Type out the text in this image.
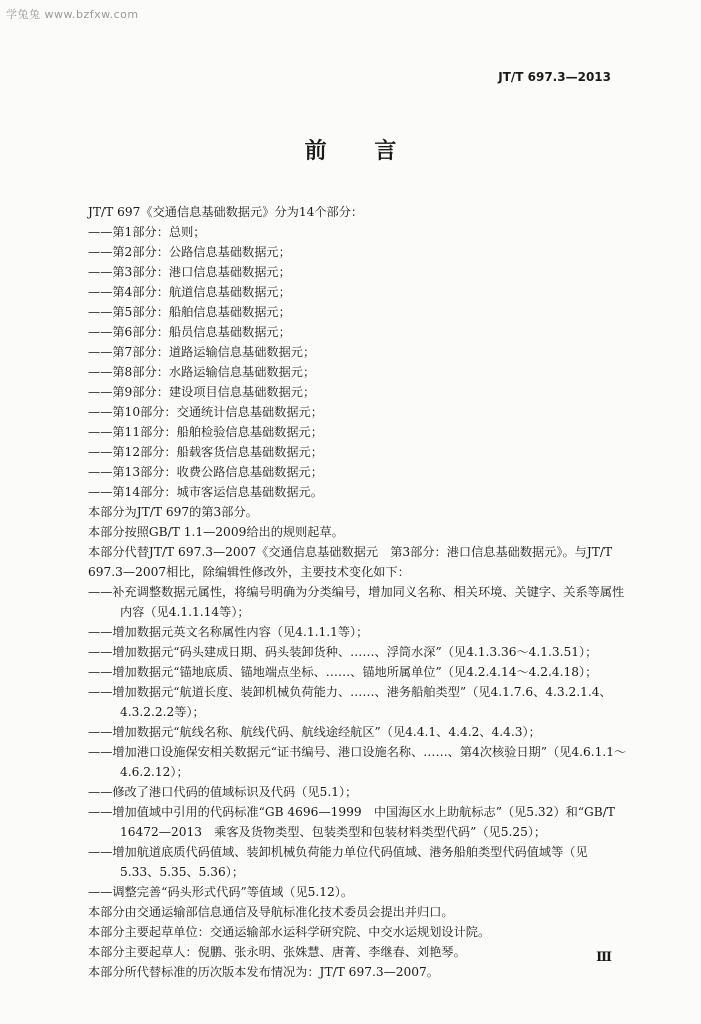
学兔兔 www.bzfxw.com
JT/T 697.3—2013
前 言
JT/T 697《交通信息基础数据元》分为14个部分：
——第1部分：总则；
——第2部分：公路信息基础数据元；
——第3部分：港口信息基础数据元；
——第4部分：航道信息基础数据元；
——第5部分：船舶信息基础数据元；
——第6部分：船员信息基础数据元；
——第7部分：道路运输信息基础数据元；
——第8部分：水路运输信息基础数据元；
——第9部分：建设项目信息基础数据元；
——第10部分：交通统计信息基础数据元；
——第11部分：船舶检验信息基础数据元；
——第12部分：船载客货信息基础数据元；
——第13部分：收费公路信息基础数据元；
——第14部分：城市客运信息基础数据元。
本部分为JT/T 697的第3部分。
本部分按照GB/T 1.1—2009给出的规则起草。
本部分代替JT/T 697.3—2007《交通信息基础数据元　第3部分：港口信息基础数据元》。与JT/T
697.3—2007相比，除编辑性修改外，主要技术变化如下：
——补充调整数据元属性，将编号明确为分类编号，增加同义名称、相关环境、关键字、关系等属性
内容（见4.1.1.14等）；
——增加数据元英文名称属性内容（见4.1.1.1等）；
——增加数据元“码头建成日期、码头装卸货种、……、浮筒水深”（见4.1.3.36～4.1.3.51）；
——增加数据元“锚地底质、锚地端点坐标、……、锚地所属单位”（见4.2.4.14～4.2.4.18）；
——增加数据元“航道长度、装卸机械负荷能力、……、港务船舶类型”（见4.1.7.6、4.3.2.1.4、
4.3.2.2.2等）；
——增加数据元“航线名称、航线代码、航线途经航区”（见4.4.1、4.4.2、4.4.3）；
——增加港口设施保安相关数据元“证书编号、港口设施名称、……、第4次核验日期”（见4.6.1.1～
4.6.2.12）；
——修改了港口代码的值域标识及代码（见5.1）；
——增加值域中引用的代码标准“GB 4696—1999　中国海区水上助航标志”（见5.32）和“GB/T
16472—2013　乘客及货物类型、包装类型和包装材料类型代码”（见5.25）；
——增加航道底质代码值域、装卸机械负荷能力单位代码值域、港务船舶类型代码值域等（见
5.33、5.35、5.36）；
——调整完善“码头形式代码”等值域（见5.12）。
本部分由交通运输部信息通信及导航标准化技术委员会提出并归口。
本部分主要起草单位：交通运输部水运科学研究院、中交水运规划设计院。
本部分主要起草人：倪鹏、张永明、张姝慧、唐菁、李继春、刘艳琴。
本部分所代替标准的历次版本发布情况为：JT/T 697.3—2007。
Ⅲ
